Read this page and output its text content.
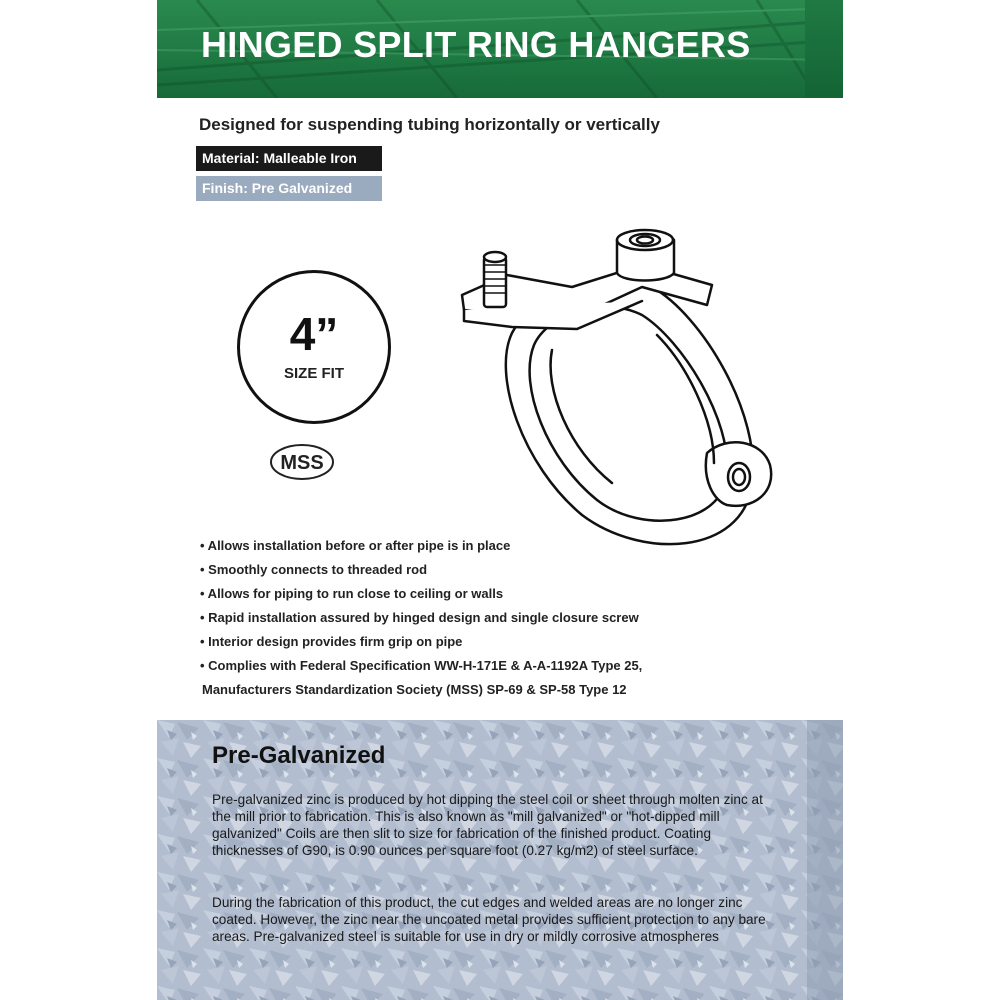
HINGED SPLIT RING HANGERS
Designed for suspending tubing horizontally or vertically
Material: Malleable Iron
Finish: Pre Galvanized
4”
SIZE FIT
MSS
• Allows installation before or after pipe is in place
• Smoothly connects to threaded rod
• Allows for piping to run close to ceiling or walls
• Rapid installation assured by hinged design and single closure screw
• Interior design provides firm grip on pipe
• Complies with Federal Specification WW-H-171E & A-A-1192A Type 25,
Manufacturers Standardization Society (MSS) SP-69 & SP-58 Type 12
Pre-Galvanized

Pre-galvanized zinc is produced by hot dipping the steel coil or sheet through molten zinc at the mill prior to fabrication. This is also known as "mill galvanized" or "hot-dipped mill galvanized" Coils are then slit to size for fabrication of the finished product. Coating thicknesses of G90, is 0.90 ounces per square foot (0.27 kg/m2) of steel surface.

During the fabrication of this product, the cut edges and welded areas are no longer zinc coated. However, the zinc near the uncoated metal provides sufficient protection to any bare areas. Pre-galvanized steel is suitable for use in dry or mildly corrosive atmospheres
